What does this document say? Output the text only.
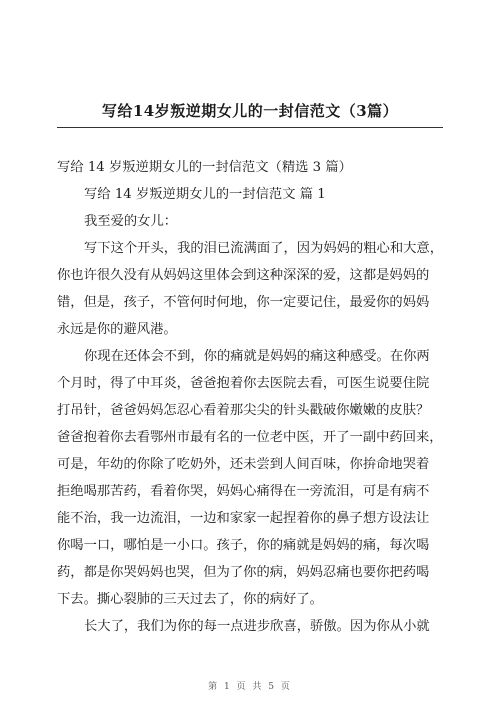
写给14岁叛逆期女儿的一封信范文（3篇）

写给 14 岁叛逆期女儿的一封信范文（精选 3 篇）

写给 14 岁叛逆期女儿的一封信范文 篇 1

我至爱的女儿：

写下这个开头，我的泪已流满面了，因为妈妈的粗心和大意，

你也许很久没有从妈妈这里体会到这种深深的爱，这都是妈妈的

错，但是，孩子，不管何时何地，你一定要记住，最爱你的妈妈

永远是你的避风港。

你现在还体会不到，你的痛就是妈妈的痛这种感受。在你两

个月时，得了中耳炎，爸爸抱着你去医院去看，可医生说要住院

打吊针，爸爸妈妈怎忍心看着那尖尖的针头戳破你嫩嫩的皮肤？

爸爸抱着你去看鄂州市最有名的一位老中医，开了一副中药回来，

可是，年幼的你除了吃奶外，还未尝到人间百味，你拚命地哭着

拒绝喝那苦药，看着你哭，妈妈心痛得在一旁流泪，可是有病不

能不治，我一边流泪，一边和家家一起捏着你的鼻子想方设法让

你喝一口，哪怕是一小口。孩子，你的痛就是妈妈的痛，每次喝

药，都是你哭妈妈也哭，但为了你的病，妈妈忍痛也要你把药喝

下去。撕心裂肺的三天过去了，你的病好了。

长大了，我们为你的每一点进步欣喜，骄傲。因为你从小就

第 1 页 共 5 页
